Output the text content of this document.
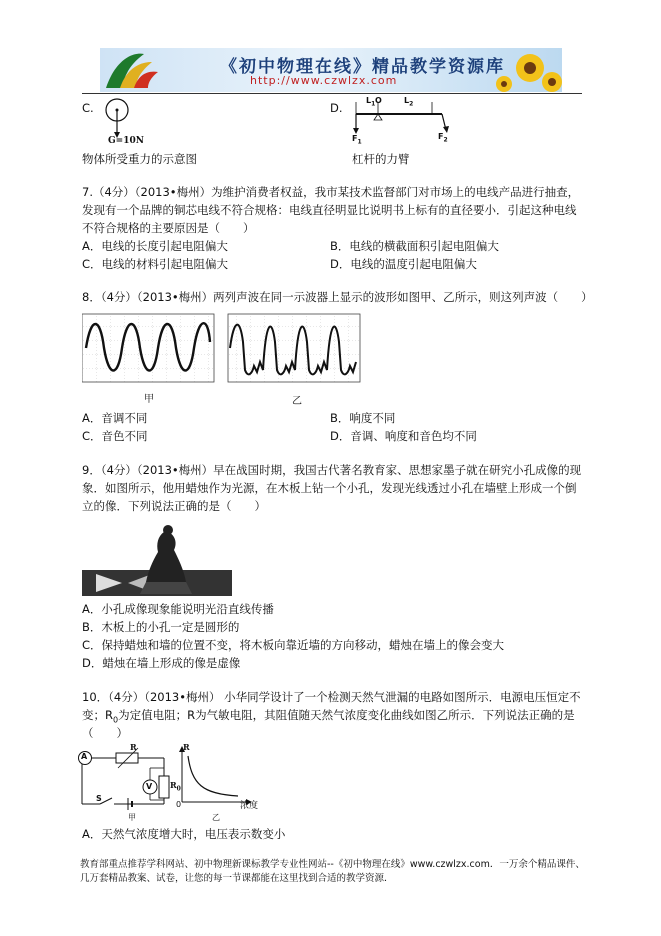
《初中物理在线》精品教学资源库
http://www.czwlzx.com
C.
G=10N
物体所受重力的示意图
D.
$L_1$ O	$L_2$
$F_1$
$F_2$
杠杆的力臂
7.（4分）（2013•梅州）为维护消费者权益，我市某技术监督部门对市场上的电线产品进行抽查，
发现有一个品牌的铜芯电线不符合规格：电线直径明显比说明书上标有的直径要小．引起这种电线
不符合规格的主要原因是（　　）
A．电线的长度引起电阻偏大	B．电线的横截面积引起电阻偏大
C．电线的材料引起电阻偏大	D．电线的温度引起电阻偏大
8．（4分）（2013•梅州）两列声波在同一示波器上显示的波形如图甲、乙所示，则这列声波（　　）
甲	乙
A．音调不同	B．响度不同
C．音色不同	D．音调、响度和音色均不同
9．（4分）（2013•梅州）早在战国时期，我国古代著名教育家、思想家墨子就在研究小孔成像的现
象．如图所示，他用蜡烛作为光源，在木板上钻一个小孔，发现光线透过小孔在墙壁上形成一个倒
立的像．下列说法正确的是（　　）
A．小孔成像现象能说明光沿直线传播
B．木板上的小孔一定是圆形的
C．保持蜡烛和墙的位置不变，将木板向靠近墙的方向移动，蜡烛在墙上的像会变大
D．蜡烛在墙上形成的像是虚像
10．（4分）（2013•梅州） 小华同学设计了一个检测天然气泄漏的电路如图所示．电源电压恒定不
变；$R_0$为定值电阻；R为气敏电阻，其阻值随天然气浓度变化曲线如图乙所示．下列说法正确的是
（　　）
A
R
V $R_0$
S
甲
R
0	浓度
乙
A．天然气浓度增大时，电压表示数变小
教育部重点推荐学科网站、初中物理新课标教学专业性网站--《初中物理在线》www.czwlzx.com．一万余个精品课件、
几万套精品教案、试卷，让您的每一节课都能在这里找到合适的教学资源．
